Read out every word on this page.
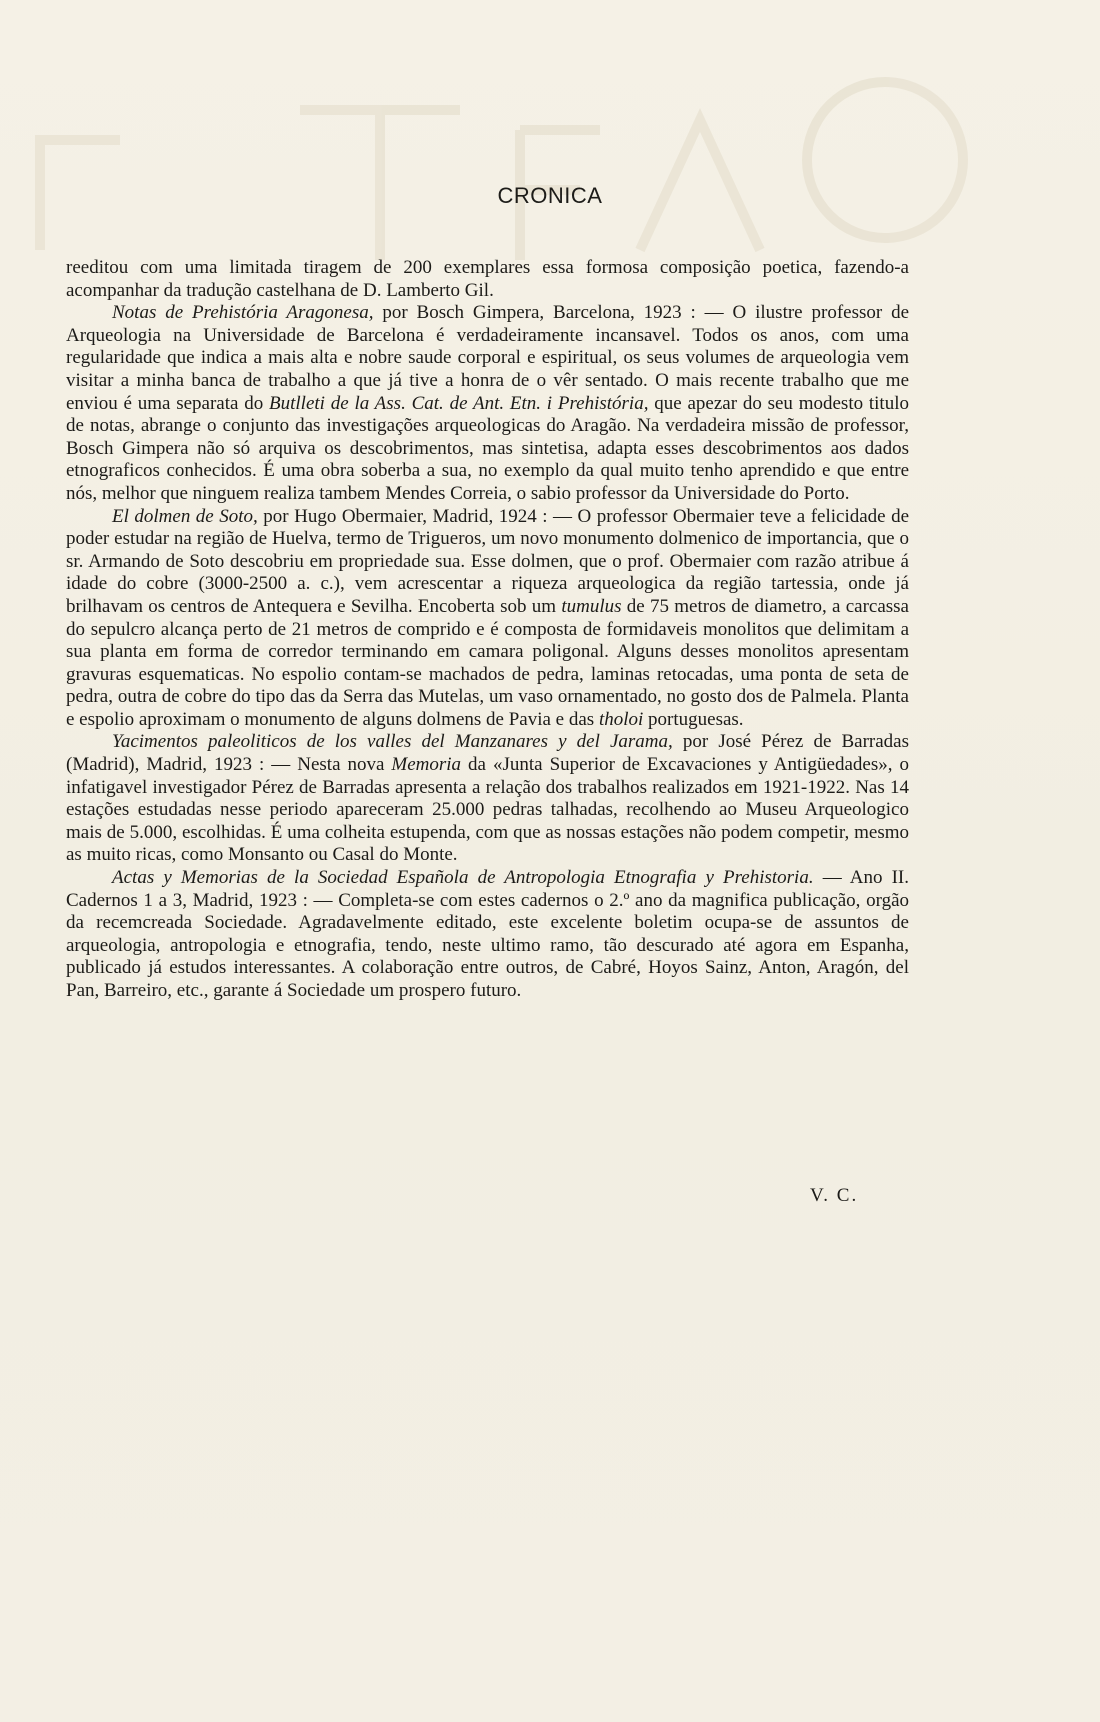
CRONICA

reeditou com uma limitada tiragem de 200 exemplares essa formosa composição poetica, fazendo-a acompanhar da tradução castelhana de D. Lamberto Gil.

Notas de Prehistória Aragonesa, por Bosch Gimpera, Barcelona, 1923 : — O ilustre professor de Arqueologia na Universidade de Barcelona é verdadeiramente incansavel. Todos os anos, com uma regularidade que indica a mais alta e nobre saude corporal e espiritual, os seus volumes de arqueologia vem visitar a minha banca de trabalho a que já tive a honra de o vêr sentado. O mais recente trabalho que me enviou é uma separata do Butlleti de la Ass. Cat. de Ant. Etn. i Prehistória, que apezar do seu modesto titulo de notas, abrange o conjunto das investigações arqueologicas do Aragão. Na verdadeira missão de professor, Bosch Gimpera não só arquiva os descobrimentos, mas sintetisa, adapta esses descobrimentos aos dados etnograficos conhecidos. É uma obra soberba a sua, no exemplo da qual muito tenho aprendido e que entre nós, melhor que ninguem realiza tambem Mendes Correia, o sabio professor da Universidade do Porto.

El dolmen de Soto, por Hugo Obermaier, Madrid, 1924 : — O professor Obermaier teve a felicidade de poder estudar na região de Huelva, termo de Trigueros, um novo monumento dolmenico de importancia, que o sr. Armando de Soto descobriu em propriedade sua. Esse dolmen, que o prof. Obermaier com razão atribue á idade do cobre (3000-2500 a. c.), vem acrescentar a riqueza arqueologica da região tartessia, onde já brilhavam os centros de Antequera e Sevilha. Encoberta sob um tumulus de 75 metros de diametro, a carcassa do sepulcro alcança perto de 21 metros de comprido e é composta de formidaveis monolitos que delimitam a sua planta em forma de corredor terminando em camara poligonal. Alguns desses monolitos apresentam gravuras esquematicas. No espolio contam-se machados de pedra, laminas retocadas, uma ponta de seta de pedra, outra de cobre do tipo das da Serra das Mutelas, um vaso ornamentado, no gosto dos de Palmela. Planta e espolio aproximam o monumento de alguns dolmens de Pavia e das tholoi portuguesas.

Yacimentos paleoliticos de los valles del Manzanares y del Jarama, por José Pérez de Barradas (Madrid), Madrid, 1923 : — Nesta nova Memoria da «Junta Superior de Excavaciones y Antigüedades», o infatigavel investigador Pérez de Barradas apresenta a relação dos trabalhos realizados em 1921-1922. Nas 14 estações estudadas nesse periodo apareceram 25.000 pedras talhadas, recolhendo ao Museu Arqueologico mais de 5.000, escolhidas. É uma colheita estupenda, com que as nossas estações não podem competir, mesmo as muito ricas, como Monsanto ou Casal do Monte.

Actas y Memorias de la Sociedad Española de Antropologia Etnografia y Prehistoria. — Ano II. Cadernos 1 a 3, Madrid, 1923 : — Completa-se com estes cadernos o 2.º ano da magnifica publicação, orgão da recemcreada Sociedade. Agradavelmente editado, este excelente boletim ocupa-se de assuntos de arqueologia, antropologia e etnografia, tendo, neste ultimo ramo, tão descurado até agora em Espanha, publicado já estudos interessantes. A colaboração entre outros, de Cabré, Hoyos Sainz, Anton, Aragón, del Pan, Barreiro, etc., garante á Sociedade um prospero futuro.

V. C.
